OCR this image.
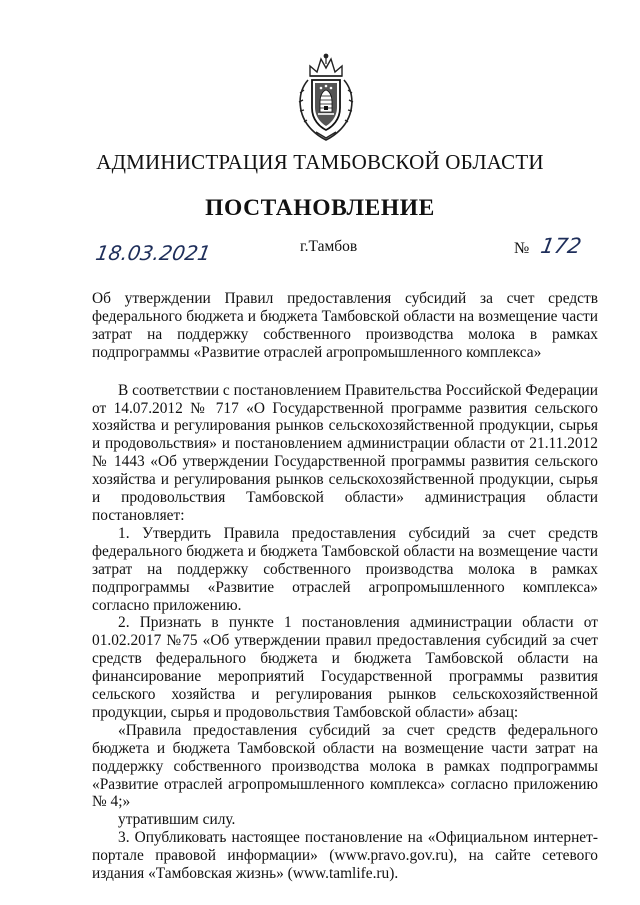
АДМИНИСТРАЦИЯ ТАМБОВСКОЙ ОБЛАСТИ
ПОСТАНОВЛЕНИЕ
18.03.2021	г.Тамбов	№ 172

Об утверждении Правил предоставления субсидий за счет средств федерального бюджета и бюджета Тамбовской области на возмещение части затрат на поддержку собственного производства молока в рамках подпрограммы «Развитие отраслей агропромышленного комплекса»

В соответствии с постановлением Правительства Российской Федерации от 14.07.2012 № 717 «О Государственной программе развития сельского хозяйства и регулирования рынков сельскохозяйственной продукции, сырья и продовольствия» и постановлением администрации области от 21.11.2012 № 1443 «Об утверждении Государственной программы развития сельского хозяйства и регулирования рынков сельскохозяйственной продукции, сырья и продовольствия Тамбовской области» администрация области постановляет:

1. Утвердить Правила предоставления субсидий за счет средств федерального бюджета и бюджета Тамбовской области на возмещение части затрат на поддержку собственного производства молока в рамках подпрограммы «Развитие отраслей агропромышленного комплекса» согласно приложению.

2. Признать в пункте 1 постановления администрации области от 01.02.2017 №75 «Об утверждении правил предоставления субсидий за счет средств федерального бюджета и бюджета Тамбовской области на финансирование мероприятий Государственной программы развития сельского хозяйства и регулирования рынков сельскохозяйственной продукции, сырья и продовольствия Тамбовской области» абзац:

«Правила предоставления субсидий за счет средств федерального бюджета и бюджета Тамбовской области на возмещение части затрат на поддержку собственного производства молока в рамках подпрограммы «Развитие отраслей агропромышленного комплекса» согласно приложению № 4;»

утратившим силу.

3. Опубликовать настоящее постановление на «Официальном интернет-портале правовой информации» (www.pravo.gov.ru), на сайте сетевого издания «Тамбовская жизнь» (www.tamlife.ru).
